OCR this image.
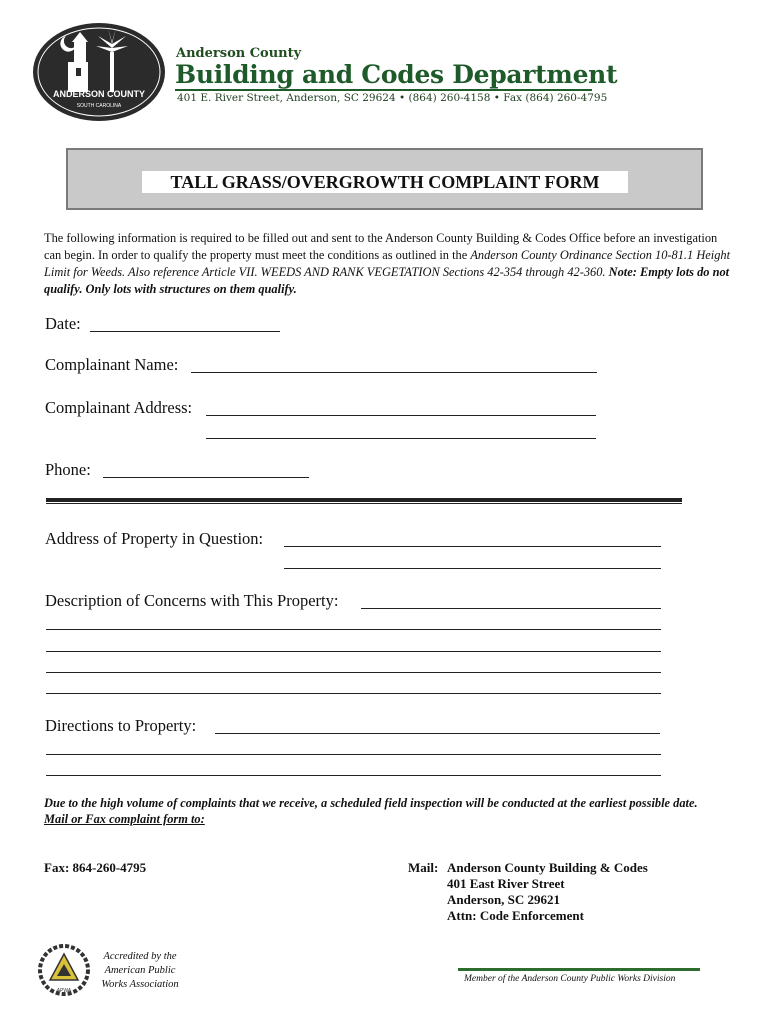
ANDERSON COUNTY
SOUTH CAROLINA
Anderson County
Building and Codes Department
401 E. River Street, Anderson, SC 29624 • (864) 260-4158 • Fax (864) 260-4795
TALL GRASS/OVERGROWTH COMPLAINT FORM
The following information is required to be filled out and sent to the Anderson County Building & Codes Office before an investigation can begin. In order to qualify the property must meet the conditions as outlined in the Anderson County Ordinance Section 10-81.1 Height Limit for Weeds. Also reference Article VII. WEEDS AND RANK VEGETATION Sections 42-354 through 42-360. Note: Empty lots do not qualify. Only lots with structures on them qualify.
Date:
Complainant Name:
Complainant Address:
Phone:
Address of Property in Question:
Description of Concerns with This Property:
Directions to Property:
Due to the high volume of complaints that we receive, a scheduled field inspection will be conducted at the earliest possible date. Mail or Fax complaint form to:
Fax: 864-260-4795	Mail: Anderson County Building & Codes
401 East River Street
Anderson, SC 29621
Attn: Code Enforcement
APWA
Accredited by the American Public Works Association	Member of the Anderson County Public Works Division
